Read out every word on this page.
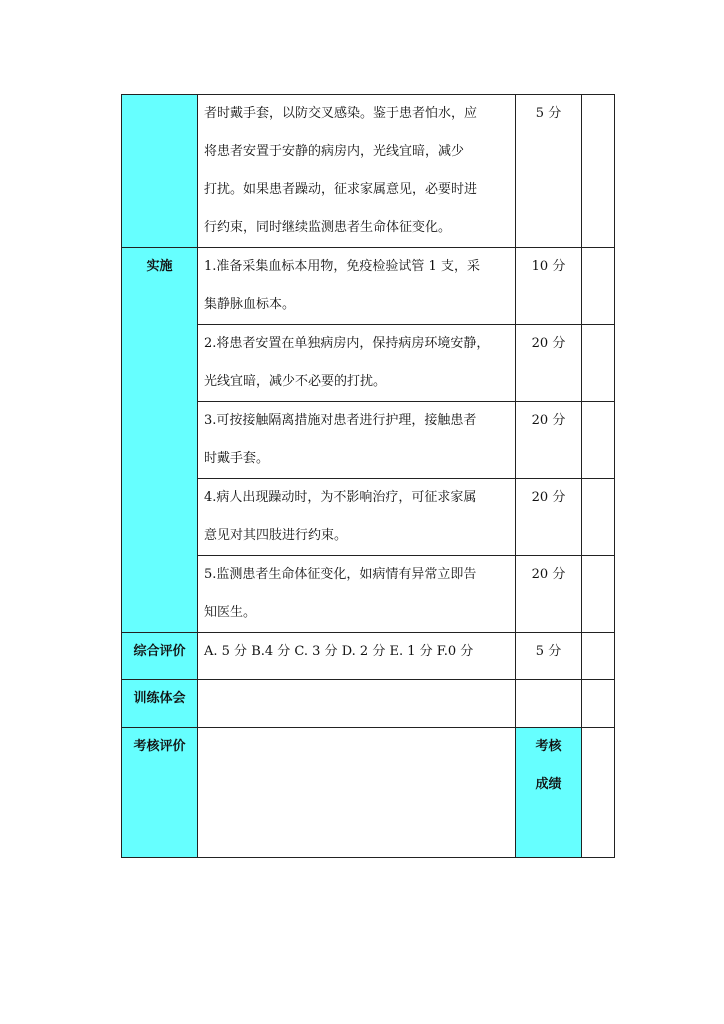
	者时戴手套，以防交叉感染。鉴于患者怕水，应
将患者安置于安静的病房内，光线宜暗，减少
打扰。如果患者躁动，征求家属意见，必要时进
行约束，同时继续监测患者生命体征变化。	5 分	
实施	1.准备采集血标本用物，免疫检验试管 1 支，采
集静脉血标本。	10 分	

	2.将患者安置在单独病房内，保持病房环境安静，
光线宜暗，减少不必要的打扰。	20 分	

	3.可按接触隔离措施对患者进行护理，接触患者
时戴手套。	20 分	

	4.病人出现躁动时，为不影响治疗，可征求家属
意见对其四肢进行约束。	20 分	

	5.监测患者生命体征变化，如病情有异常立即告
知医生。	20 分	
综合评价	A. 5 分 B.4 分 C. 3 分 D. 2 分 E. 1 分 F.0 分	5 分	
训练体会			
考核评价		考核
成绩	
